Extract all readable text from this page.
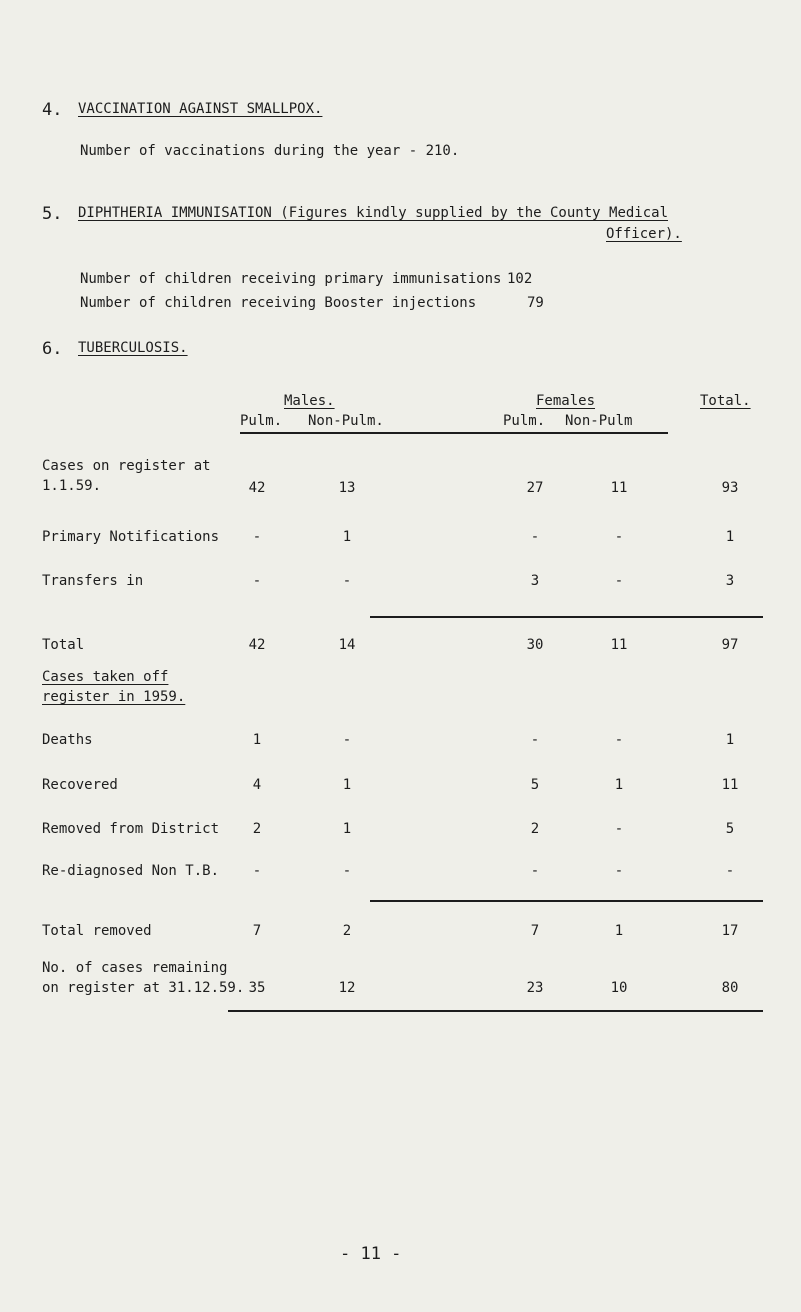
4. VACCINATION AGAINST SMALLPOX.
Number of vaccinations during the year - 210.
5. DIPHTHERIA IMMUNISATION (Figures kindly supplied by the County Medical
Officer).
Number of children receiving primary immunisations 102
Number of children receiving Booster injections	79
6. TUBERCULOSIS.
Males.	Females	Total.
Pulm. Non-Pulm.	Pulm. Non-Pulm
Cases on register at
1.1.59.	42	13	27	11	93
Primary Notifications	-	1	-	-	1
Transfers in	-	-	3	-	3
Total	42	14	30	11	97
Cases taken off
register in 1959.
Deaths	1	-	-	-	1
Recovered	4	1	5	1	11
Removed from District	2	1	2	-	5
Re-diagnosed Non T.B.	-	-	-	-	-
Total removed	7	2	7	1	17
No. of cases remaining
on register at 31.12.59. 35	12	23	10	80
- 11 -
